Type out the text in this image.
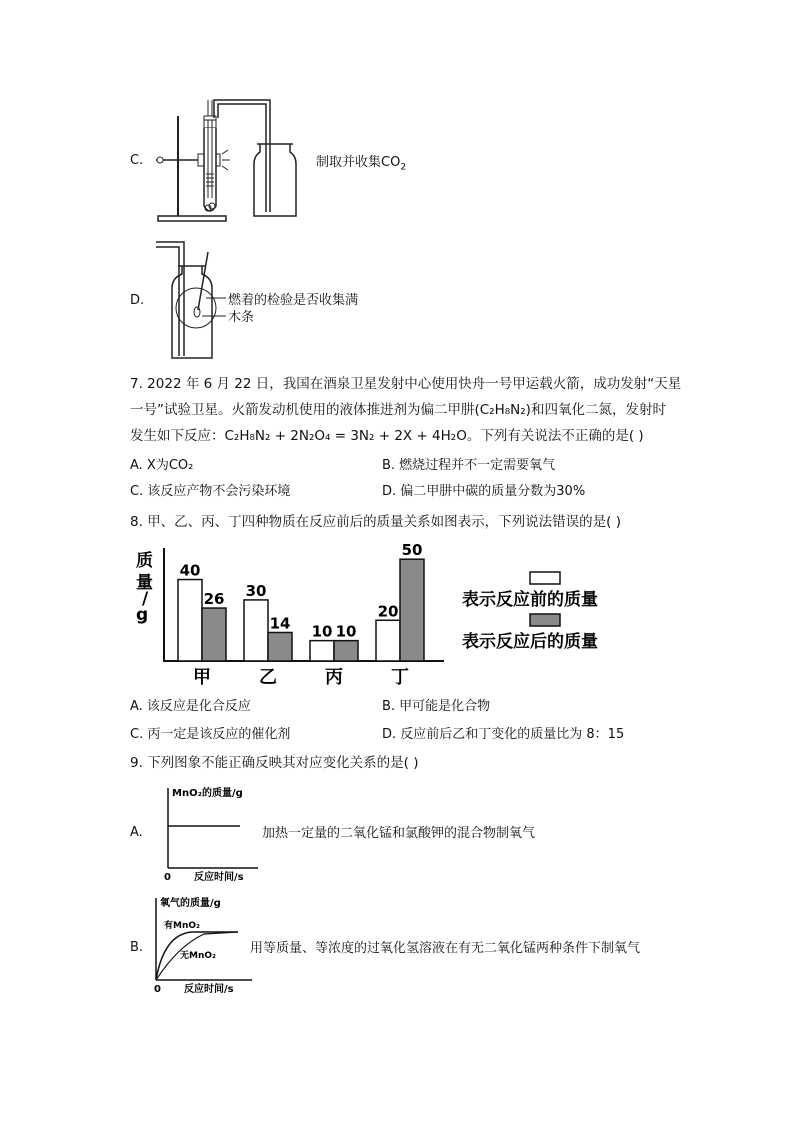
C.	制取并收集$CO_2$
D.	燃着的检验是否收集满
木条
7. 2022 年 6 月 22 日，我国在酒泉卫星发射中心使用快舟一号甲运载火箭，成功发射“天星
一号”试验卫星。火箭发动机使用的液体推进剂为偏二甲肼(C₂H₈N₂)和四氧化二氮，发射时
发生如下反应：C₂H₈N₂ + 2N₂O₄ = 3N₂ + 2X + 4H₂O。下列有关说法不正确的是( )
A. X为CO₂	B. 燃烧过程并不一定需要氧气
C. 该反应产物不会污染环境	D. 偏二甲肼中碳的质量分数为30%
8. 甲、乙、丙、丁四种物质在反应前后的质量关系如图表示，下列说法错误的是( )
质量/ g
40
26
甲
30
14
乙
10 10
丙
20
50
丁
表示反应前的质量
表示反应后的质量
A. 该反应是化合反应	B. 甲可能是化合物
C. 丙一定是该反应的催化剂	D. 反应前后乙和丁变化的质量比为 8：15
9. 下列图象不能正确反映其对应变化关系的是( )
A.
MnO₂的质量/g
0 反应时间/s
加热一定量的二氧化锰和氯酸钾的混合物制氧气
B.
氧气的质量/g
有MnO₂
无MnO₂
0 反应时间/s
用等质量、等浓度的过氧化氢溶液在有无二氧化锰两种条件下制氧气
